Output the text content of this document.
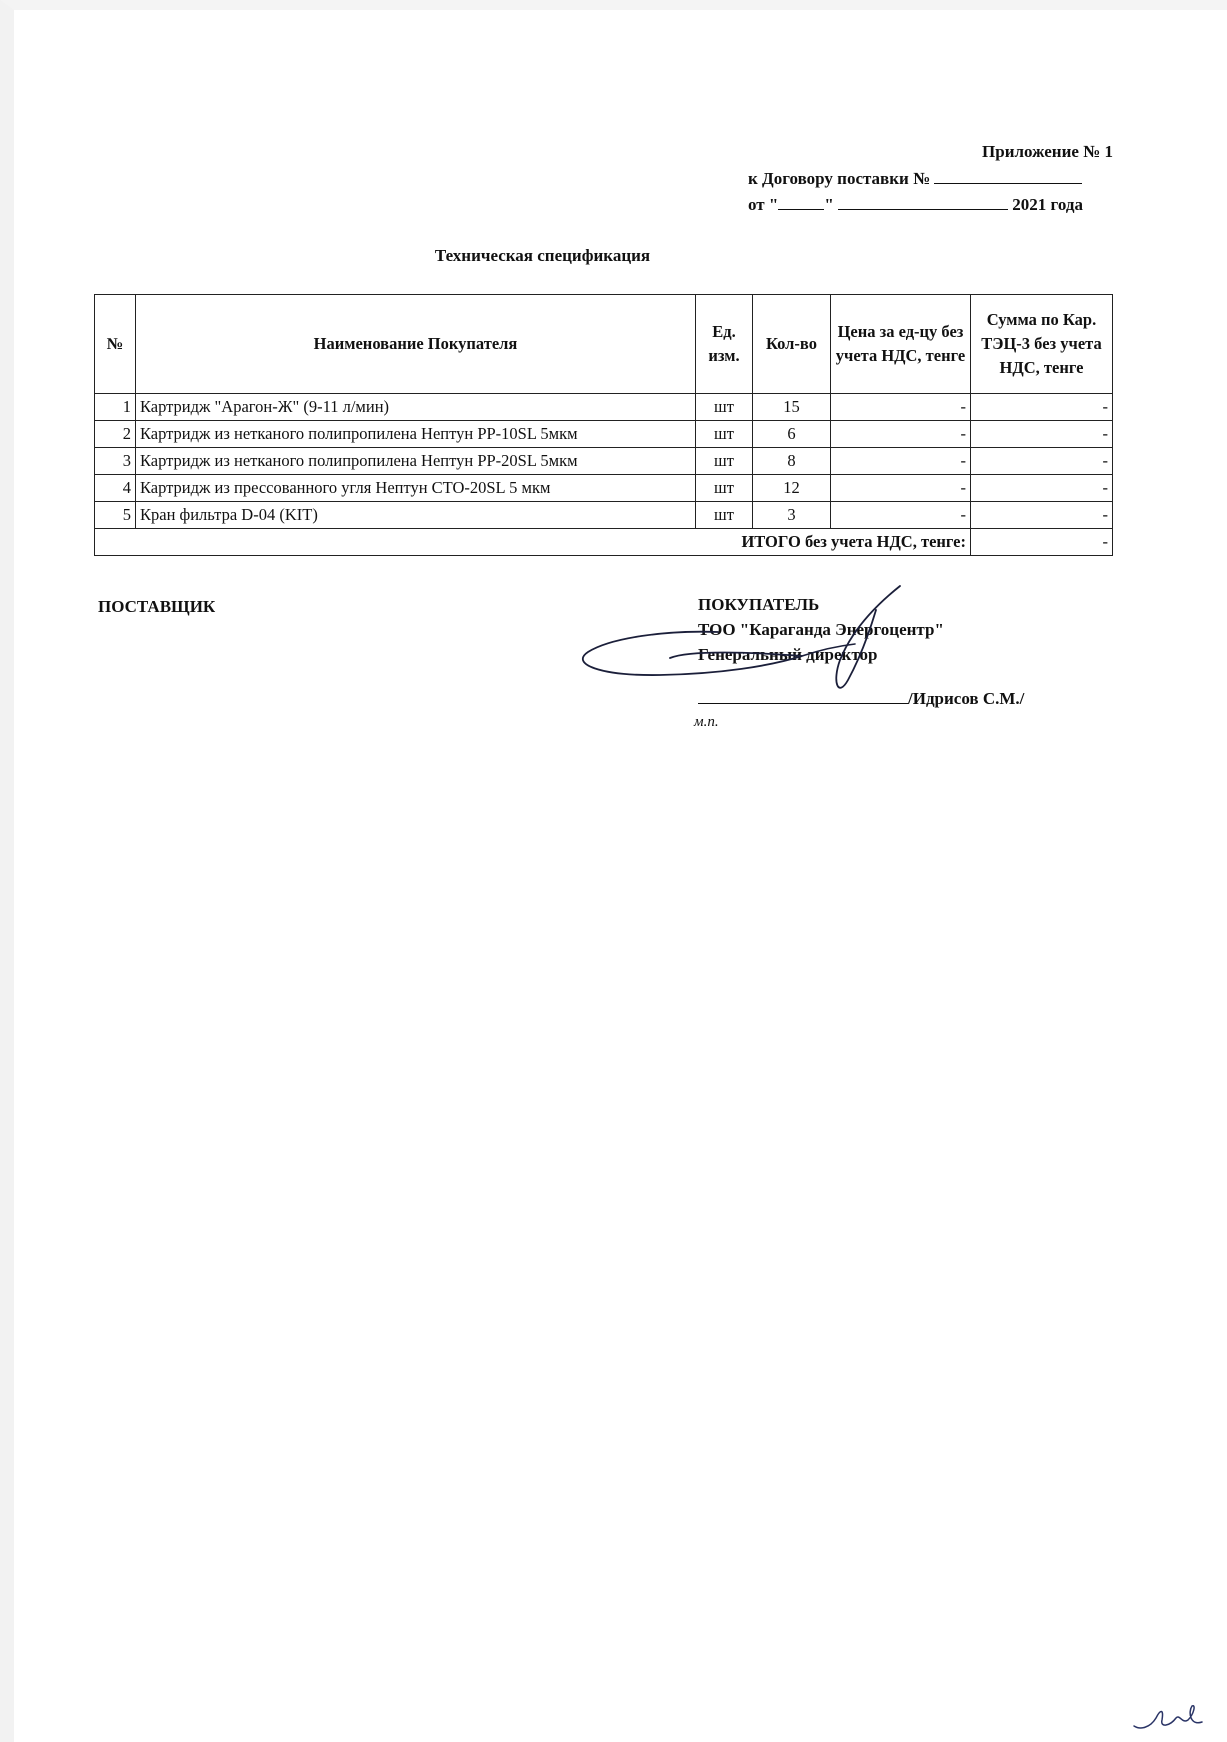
Приложение № 1
к Договору поставки №
от "	"	2021 года
Техническая спецификация
№	Наименование Покупателя	Ед. изм.	Кол-во	Цена за ед-цу без учета НДС, тенге	Сумма по Кар. ТЭЦ-3 без учета НДС, тенге
1	Картридж "Арагон-Ж" (9-11 л/мин)	шт	15	-	-
2	Картридж из нетканого полипропилена Нептун PP-10SL 5мкм	шт	6	-	-
3	Картридж из нетканого полипропилена Нептун PP-20SL 5мкм	шт	8	-	-
4	Картридж из прессованного угля Нептун CTO-20SL 5 мкм	шт	12	-	-
5	Кран фильтра D-04 (KIT)	шт	3	-	-
ИТОГО без учета НДС, тенге:					-
ПОСТАВЩИК	ПОКУПАТЕЛЬ
ТОО "Караганда Энергоцентр"
Генеральный директор
/Идрисов С.М./
м.п.
